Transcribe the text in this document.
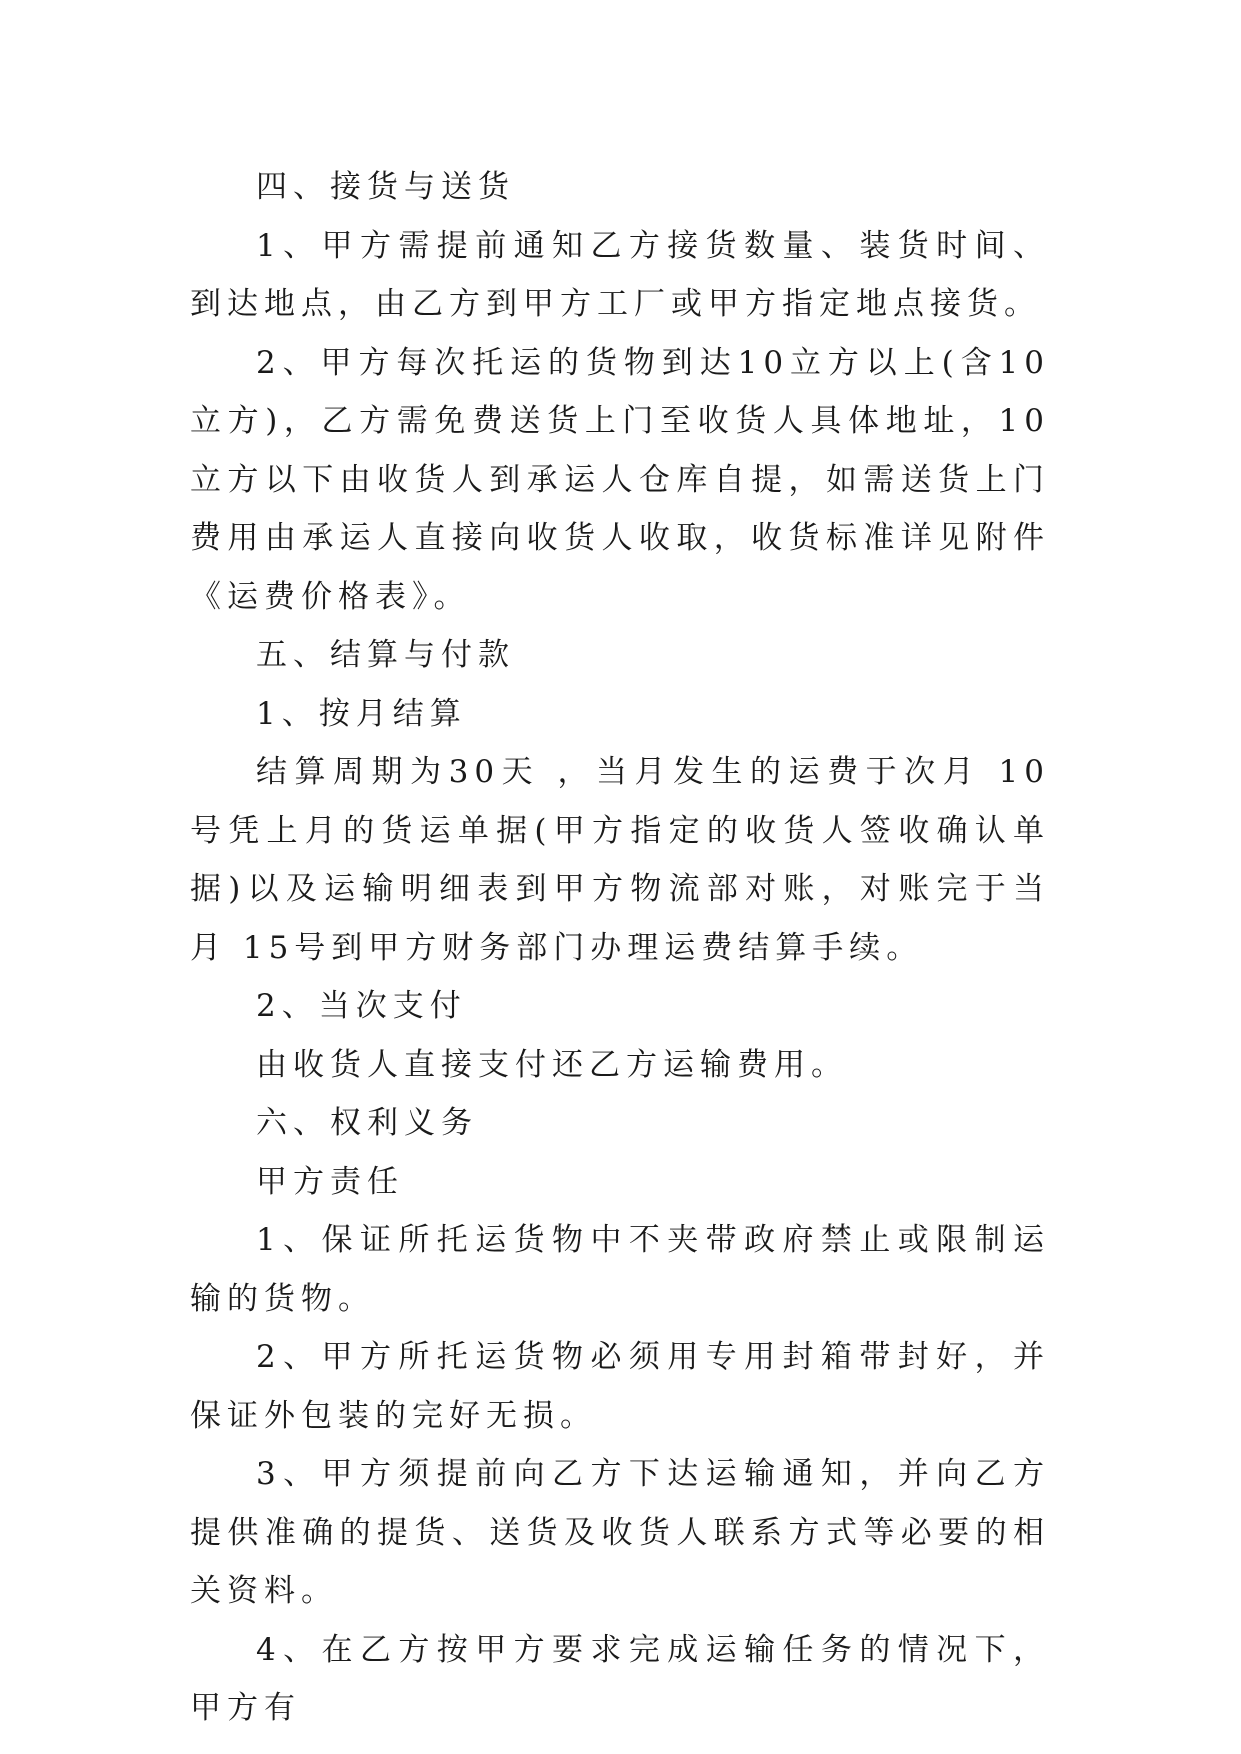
四、接货与送货

1、甲方需提前通知乙方接货数量、装货时间、到达地点，由乙方到甲方工厂或甲方指定地点接货。

2、甲方每次托运的货物到达10立方以上(含10立方)，乙方需免费送货上门至收货人具体地址，10立方以下由收货人到承运人仓库自提，如需送货上门费用由承运人直接向收货人收取，收货标准详见附件《运费价格表》。

五、结算与付款

1、按月结算

结算周期为30天 ，当月发生的运费于次月 10 号凭上月的货运单据(甲方指定的收货人签收确认单据)以及运输明细表到甲方物流部对账，对账完于当月 15号到甲方财务部门办理运费结算手续。

2、当次支付

由收货人直接支付还乙方运输费用。

六、权利义务

甲方责任

1、保证所托运货物中不夹带政府禁止或限制运输的货物。

2、甲方所托运货物必须用专用封箱带封好，并保证外包装的完好无损。

3、甲方须提前向乙方下达运输通知，并向乙方提供准确的提货、送货及收货人联系方式等必要的相关资料。

4、在乙方按甲方要求完成运输任务的情况下，甲方有
